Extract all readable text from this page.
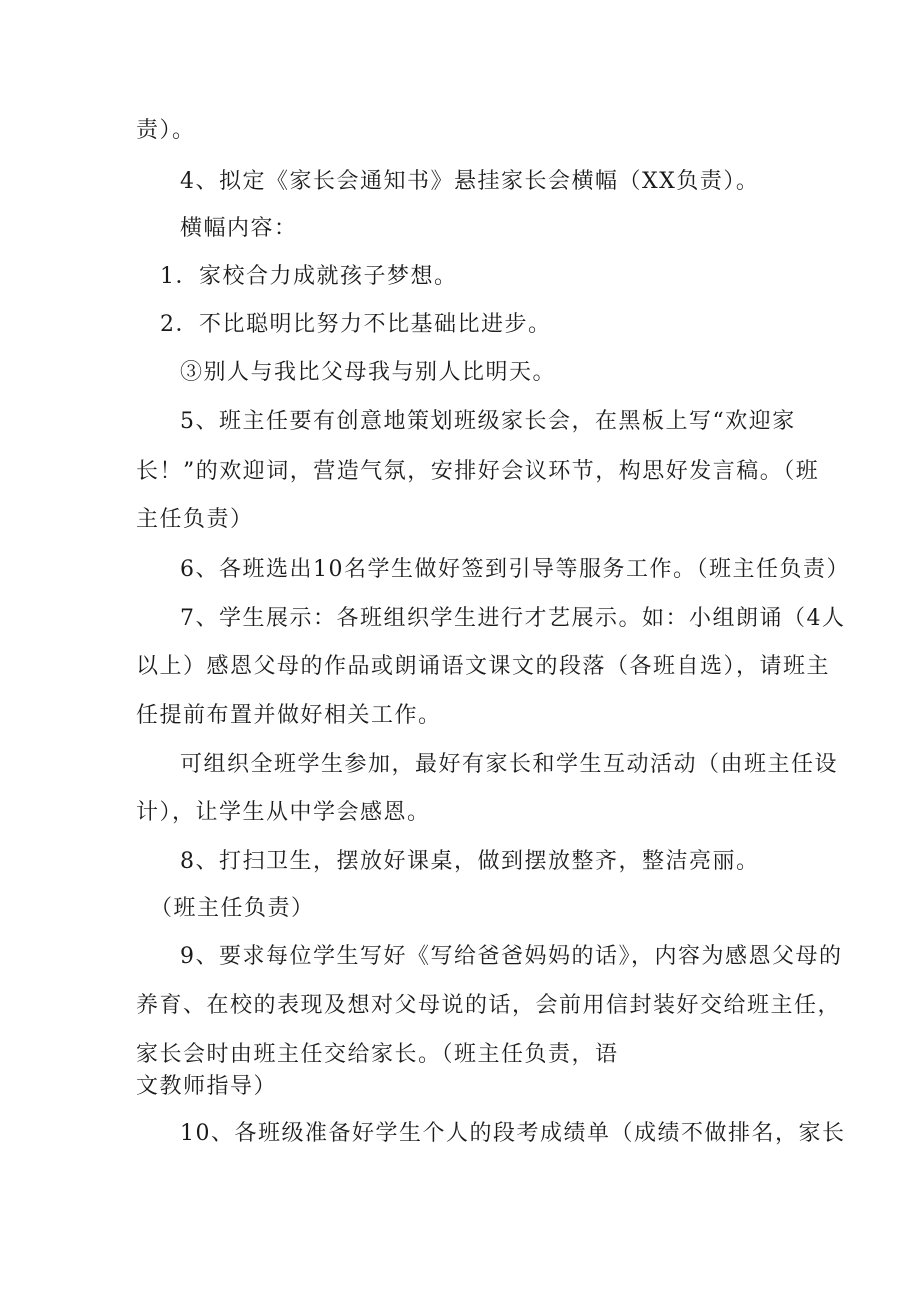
责）。
4、拟定《家长会通知书》悬挂家长会横幅（XX负责）。
横幅内容：
1．家校合力成就孩子梦想。
2．不比聪明比努力不比基础比进步。
③别人与我比父母我与别人比明天。
5、班主任要有创意地策划班级家长会，在黑板上写“欢迎家
长！”的欢迎词，营造气氛，安排好会议环节，构思好发言稿。（班
主任负责）
6、各班选出10名学生做好签到引导等服务工作。（班主任负责）
7、学生展示：各班组织学生进行才艺展示。如：小组朗诵（4人
以上）感恩父母的作品或朗诵语文课文的段落（各班自选），请班主
任提前布置并做好相关工作。
可组织全班学生参加，最好有家长和学生互动活动（由班主任设
计），让学生从中学会感恩。
8、打扫卫生，摆放好课桌，做到摆放整齐，整洁亮丽。
（班主任负责）
9、要求每位学生写好《写给爸爸妈妈的话》，内容为感恩父母的
养育、在校的表现及想对父母说的话，会前用信封装好交给班主任，
家长会时由班主任交给家长。（班主任负责，语
文教师指导）
10、各班级准备好学生个人的段考成绩单（成绩不做排名，家长
